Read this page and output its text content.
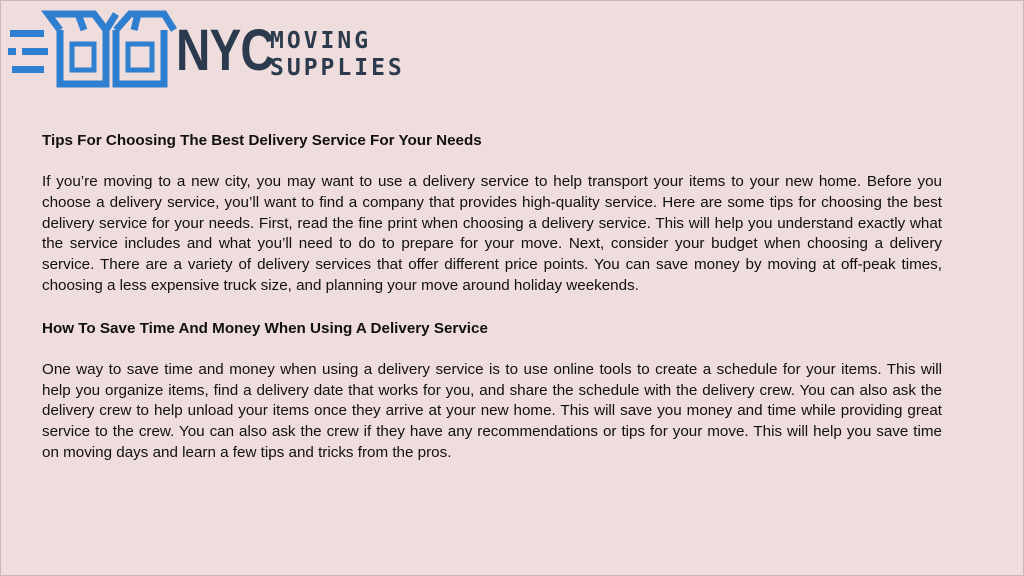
NYC
MOVING
SUPPLIES
Tips For Choosing The Best Delivery Service For Your Needs

If you’re moving to a new city, you may want to use a delivery service to help transport your items to your new home. Before you choose a delivery service, you’ll want to find a company that provides high-quality service. Here are some tips for choosing the best delivery service for your needs. First, read the fine print when choosing a delivery service. This will help you understand exactly what the service includes and what you’ll need to do to prepare for your move. Next, consider your budget when choosing a delivery service. There are a variety of delivery services that offer different price points. You can save money by moving at off-peak times, choosing a less expensive truck size, and planning your move around holiday weekends.

How To Save Time And Money When Using A Delivery Service

One way to save time and money when using a delivery service is to use online tools to create a schedule for your items. This will help you organize items, find a delivery date that works for you, and share the schedule with the delivery crew. You can also ask the delivery crew to help unload your items once they arrive at your new home. This will save you money and time while providing great service to the crew. You can also ask the crew if they have any recommendations or tips for your move. This will help you save time on moving days and learn a few tips and tricks from the pros.
